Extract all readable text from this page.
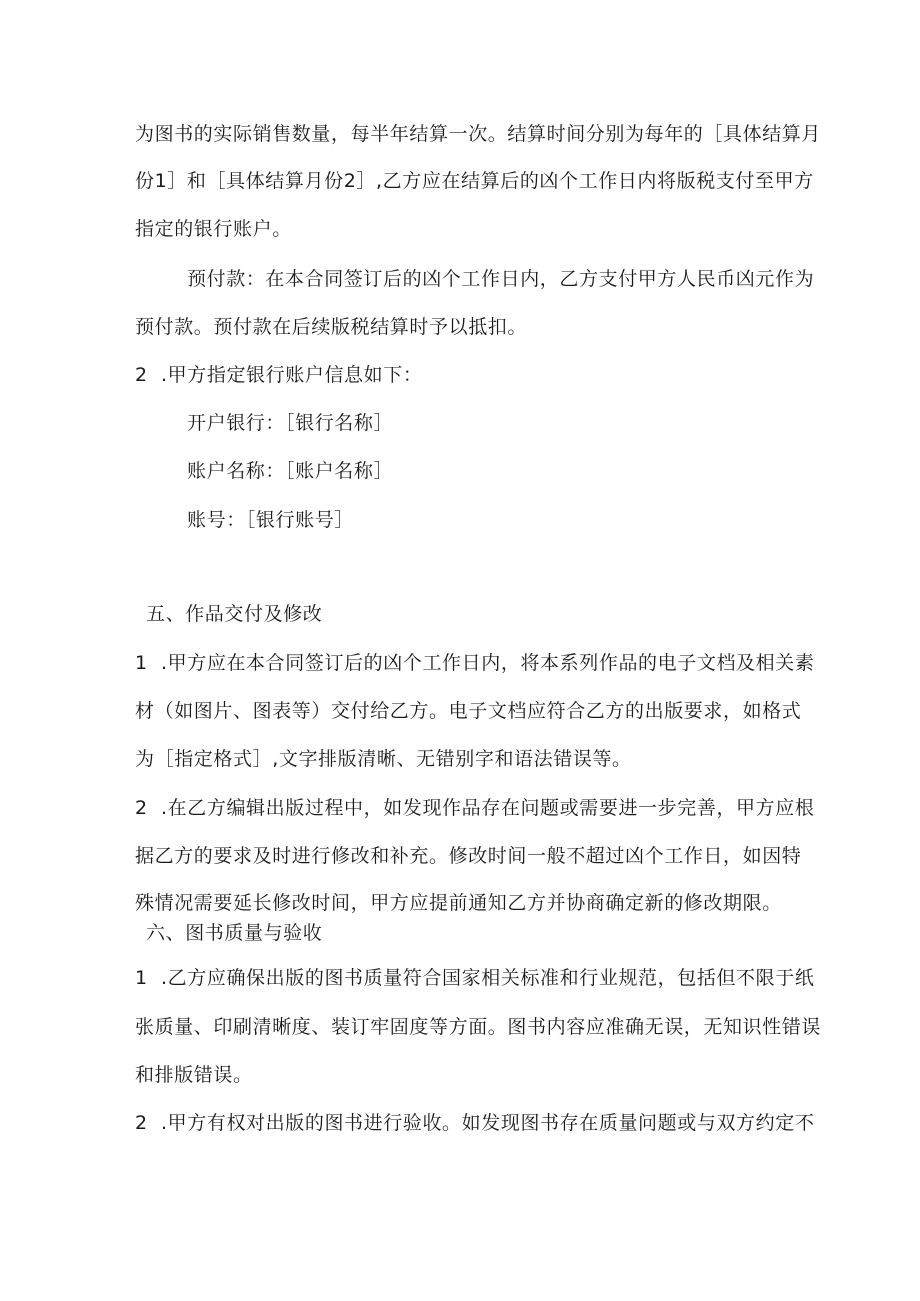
为图书的实际销售数量，每半年结算一次。结算时间分别为每年的［具体结算月
份1］和［具体结算月份2］,乙方应在结算后的凶个工作日内将版税支付至甲方
指定的银行账户。
预付款：在本合同签订后的凶个工作日内，乙方支付甲方人民币凶元作为
预付款。预付款在后续版税结算时予以抵扣。
2 .甲方指定银行账户信息如下：
开户银行：［银行名称］
账户名称：［账户名称］
账号：［银行账号］
五、作品交付及修改
1 .甲方应在本合同签订后的凶个工作日内，将本系列作品的电子文档及相关素
材（如图片、图表等）交付给乙方。电子文档应符合乙方的出版要求，如格式
为［指定格式］,文字排版清晰、无错别字和语法错误等。
2 .在乙方编辑出版过程中，如发现作品存在问题或需要进一步完善，甲方应根
据乙方的要求及时进行修改和补充。修改时间一般不超过凶个工作日，如因特
殊情况需要延长修改时间，甲方应提前通知乙方并协商确定新的修改期限。
六、图书质量与验收
1 .乙方应确保出版的图书质量符合国家相关标准和行业规范，包括但不限于纸
张质量、印刷清晰度、装订牢固度等方面。图书内容应准确无误，无知识性错误
和排版错误。
2 .甲方有权对出版的图书进行验收。如发现图书存在质量问题或与双方约定不
